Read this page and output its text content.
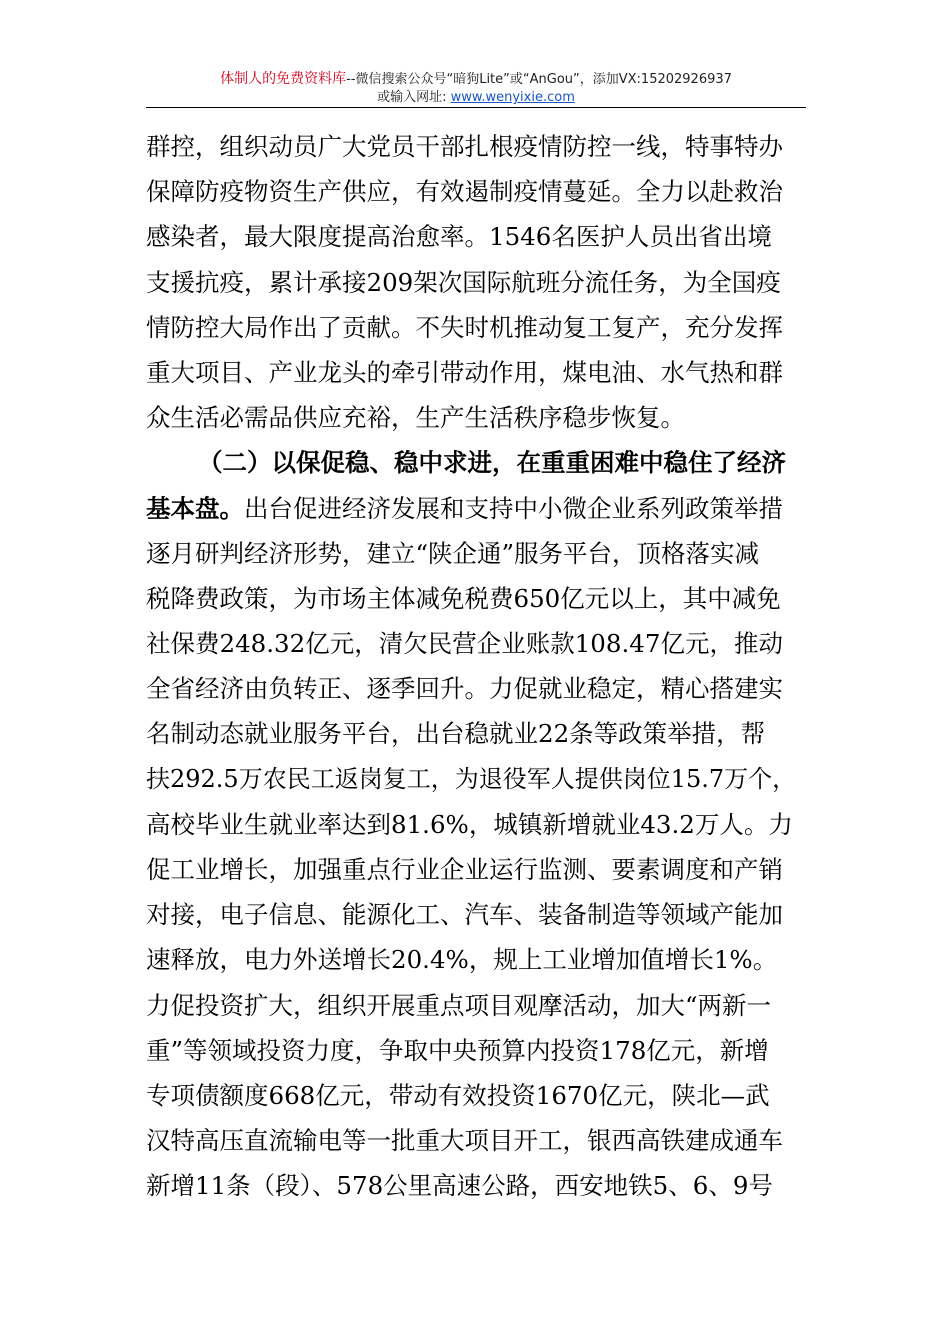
体制人的免费资料库--微信搜索公众号“暗狗Lite”或“AnGou”，添加VX:15202926937
或输入网址: www.wenyixie.com
群控，组织动员广大党员干部扎根疫情防控一线，特事特办
保障防疫物资生产供应，有效遏制疫情蔓延。全力以赴救治
感染者，最大限度提高治愈率。1546名医护人员出省出境
支援抗疫，累计承接209架次国际航班分流任务，为全国疫
情防控大局作出了贡献。不失时机推动复工复产，充分发挥
重大项目、产业龙头的牵引带动作用，煤电油、水气热和群
众生活必需品供应充裕，生产生活秩序稳步恢复。
（二）以保促稳、稳中求进，在重重困难中稳住了经济
基本盘。 出台促进经济发展和支持中小微企业系列政策举措
逐月研判经济形势，建立“陕企通”服务平台，顶格落实减
税降费政策，为市场主体减免税费650亿元以上，其中减免
社保费248.32亿元，清欠民营企业账款108.47亿元，推动
全省经济由负转正、逐季回升。力促就业稳定，精心搭建实
名制动态就业服务平台，出台稳就业22条等政策举措，帮
扶292.5万农民工返岗复工，为退役军人提供岗位15.7万个，
高校毕业生就业率达到81.6%，城镇新增就业43.2万人。力
促工业增长，加强重点行业企业运行监测、要素调度和产销
对接，电子信息、能源化工、汽车、装备制造等领域产能加
速释放，电力外送增长20.4%，规上工业增加值增长1%。
力促投资扩大，组织开展重点项目观摩活动，加大“两新一
重”等领域投资力度，争取中央预算内投资178亿元，新增
专项债额度668亿元，带动有效投资1670亿元，陕北—武
汉特高压直流输电等一批重大项目开工，银西高铁建成通车
新增11条（段）、578公里高速公路，西安地铁5、6、9号
